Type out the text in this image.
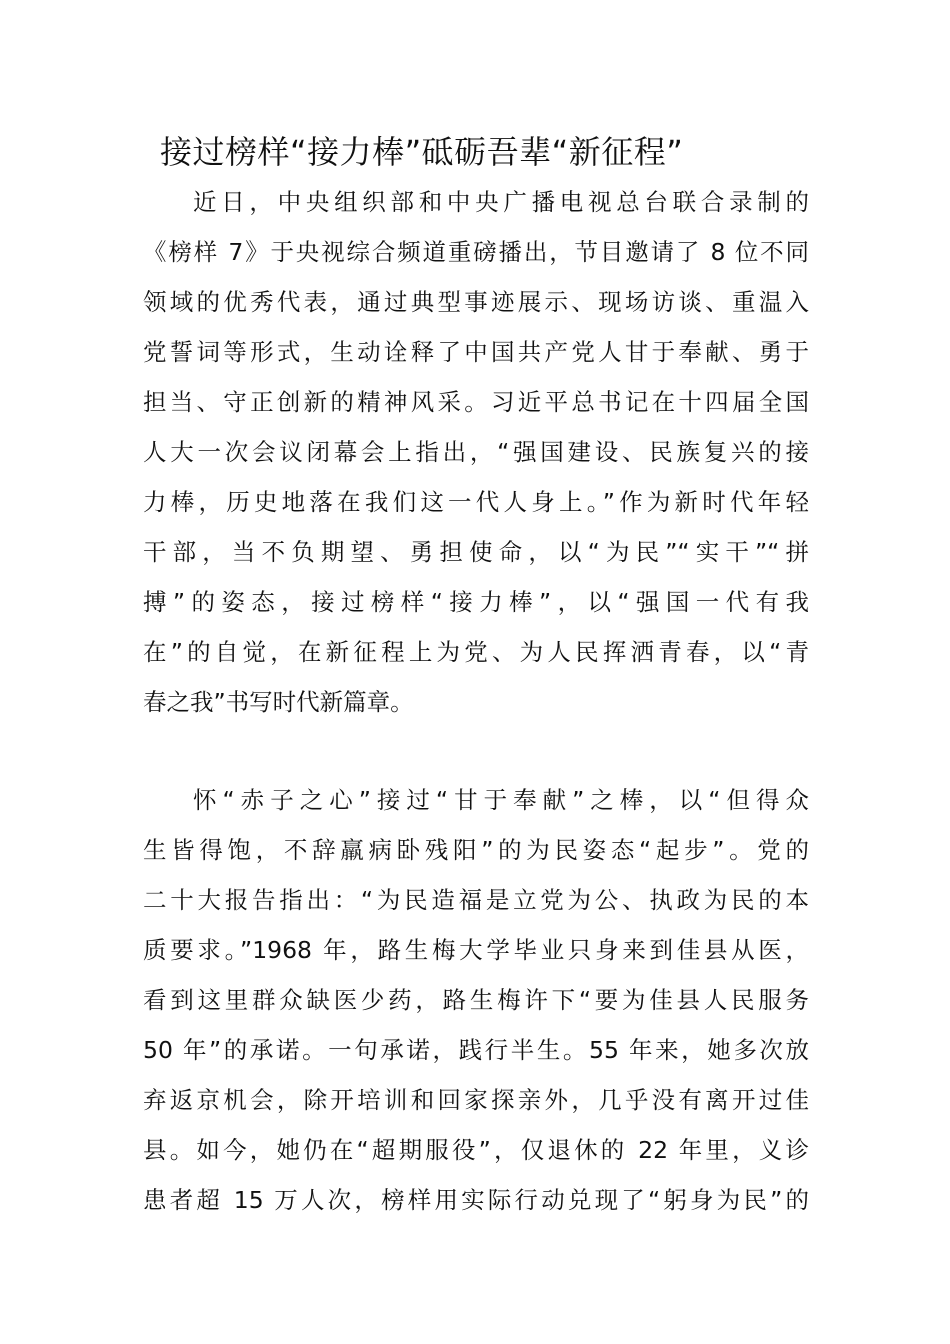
接过榜样“接力棒”砥砺吾辈“新征程”
近日，中央组织部和中央广播电视总台联合录制的
《榜样 7》于央视综合频道重磅播出，节目邀请了 8 位不同
领域的优秀代表，通过典型事迹展示、现场访谈、重温入
党誓词等形式，生动诠释了中国共产党人甘于奉献、勇于
担当、守正创新的精神风采。习近平总书记在十四届全国
人大一次会议闭幕会上指出，“强国建设、民族复兴的接
力棒，历史地落在我们这一代人身上。”作为新时代年轻
干部，当不负期望、勇担使命，以“为民”“实干”“拼
搏”的姿态，接过榜样“接力棒”，以“强国一代有我
在”的自觉，在新征程上为党、为人民挥洒青春，以“青
春之我”书写时代新篇章。
怀“赤子之心”接过“甘于奉献”之棒，以“但得众
生皆得饱，不辞羸病卧残阳”的为民姿态“起步”。党的
二十大报告指出：“为民造福是立党为公、执政为民的本
质要求。”1968 年，路生梅大学毕业只身来到佳县从医，
看到这里群众缺医少药，路生梅许下“要为佳县人民服务
50 年”的承诺。一句承诺，践行半生。55 年来，她多次放
弃返京机会，除开培训和回家探亲外，几乎没有离开过佳
县。如今，她仍在“超期服役”，仅退休的 22 年里，义诊
患者超 15 万人次，榜样用实际行动兑现了“躬身为民”的
